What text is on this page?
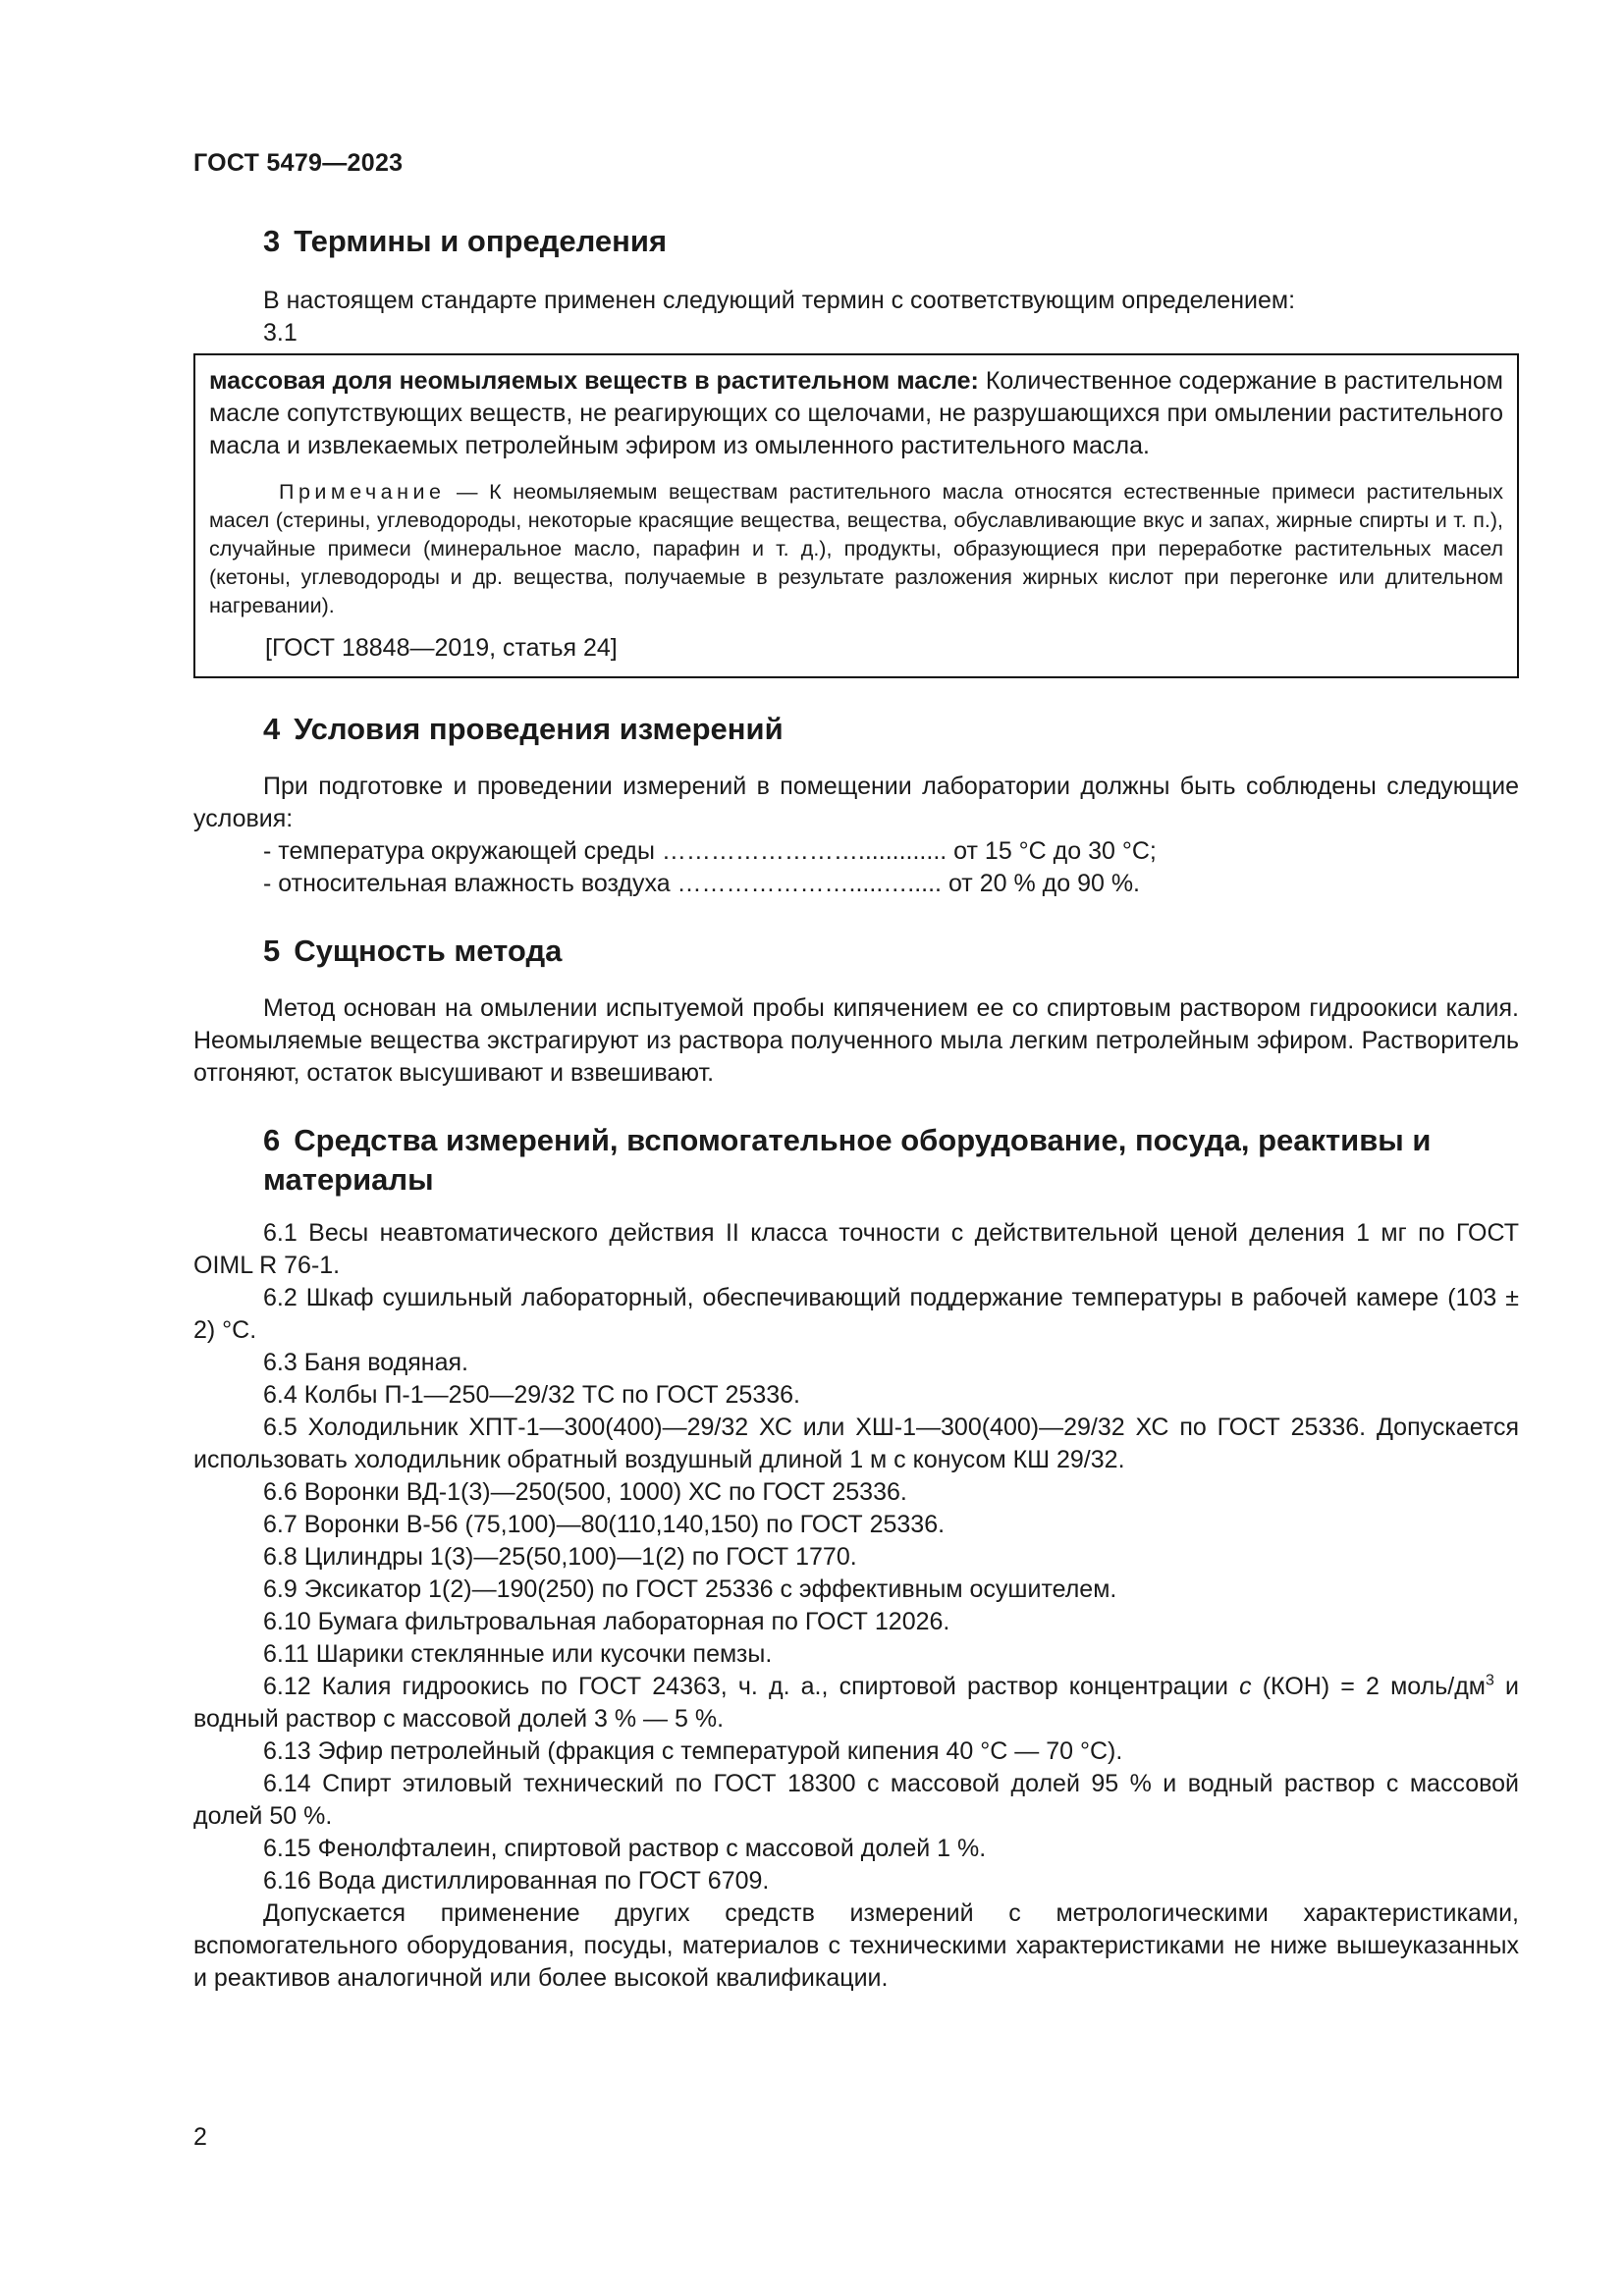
ГОСТ 5479—2023
3 Термины и определения

В настоящем стандарте применен следующий термин с соответствующим определением:

3.1

массовая доля неомыляемых веществ в растительном масле: Количественное содержание в растительном масле сопутствующих веществ, не реагирующих со щелочами, не разрушающихся при омылении растительного масла и извлекаемых петролейным эфиром из омыленного растительного масла.

Примечание — К неомыляемым веществам растительного масла относятся естественные примеси растительных масел (стерины, углеводороды, некоторые красящие вещества, вещества, обуславливающие вкус и запах, жирные спирты и т. п.), случайные примеси (минеральное масло, парафин и т. д.), продукты, образующиеся при переработке растительных масел (кетоны, углеводороды и др. вещества, получаемые в результате разложения жирных кислот при перегонке или длительном нагревании).

[ГОСТ 18848—2019, статья 24]
4 Условия проведения измерений

При подготовке и проведении измерений в помещении лаборатории должны быть соблюдены следующие условия:

- температура окружающей среды ……………………............. от 15 °С до 30 °С;

- относительная влажность воздуха ………………….....…..... от 20 % до 90 %.

5 Сущность метода

Метод основан на омылении испытуемой пробы кипячением ее со спиртовым раствором гидроокиси калия. Неомыляемые вещества экстрагируют из раствора полученного мыла легким петролейным эфиром. Растворитель отгоняют, остаток высушивают и взвешивают.

6 Средства измерений, вспомогательное оборудование, посуда, реактивы и материалы

6.1 Весы неавтоматического действия II класса точности с действительной ценой деления 1 мг по ГОСТ OIML R 76-1.

6.2 Шкаф сушильный лабораторный, обеспечивающий поддержание температуры в рабочей камере (103 ± 2) °С.

6.3 Баня водяная.

6.4 Колбы П-1—250—29/32 ТС по ГОСТ 25336.

6.5 Холодильник ХПТ-1—300(400)—29/32 ХС или ХШ-1—300(400)—29/32 ХС по ГОСТ 25336. Допускается использовать холодильник обратный воздушный длиной 1 м с конусом КШ 29/32.

6.6 Воронки ВД-1(3)—250(500, 1000) ХС по ГОСТ 25336.

6.7 Воронки В-56 (75,100)—80(110,140,150) по ГОСТ 25336.

6.8 Цилиндры 1(3)—25(50,100)—1(2) по ГОСТ 1770.

6.9 Эксикатор 1(2)—190(250) по ГОСТ 25336 с эффективным осушителем.

6.10 Бумага фильтровальная лабораторная по ГОСТ 12026.

6.11 Шарики стеклянные или кусочки пемзы.

6.12 Калия гидроокись по ГОСТ 24363, ч. д. а., спиртовой раствор концентрации c (КОН) = 2 моль/$дм^3$ и водный раствор с массовой долей 3 % — 5 %.

6.13 Эфир петролейный (фракция с температурой кипения 40 °С — 70 °С).

6.14 Спирт этиловый технический по ГОСТ 18300 с массовой долей 95 % и водный раствор с массовой долей 50 %.

6.15 Фенолфталеин, спиртовой раствор с массовой долей 1 %.

6.16 Вода дистиллированная по ГОСТ 6709.

Допускается применение других средств измерений с метрологическими характеристиками, вспомогательного оборудования, посуды, материалов с техническими характеристиками не ниже вышеуказанных и реактивов аналогичной или более высокой квалификации.

2
